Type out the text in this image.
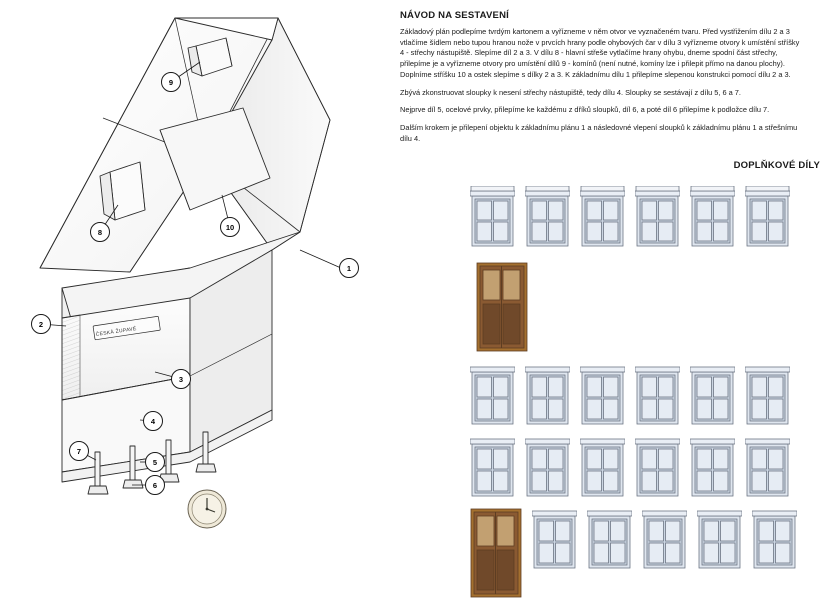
ČESKÁ ŽUPAVÉ
1
2
3
4
5
6
7
8
9
10
NÁVOD NA SESTAVENÍ

Základový plán podlepíme tvrdým kartonem a vyřízneme v něm otvor ve vyznačeném tvaru. Před vystřižením dílu 2 a 3 vtlačíme šídlem nebo tupou hranou nože v prvcích hrany podle ohybových čar v dílu 3 vyřízneme otvory k umístění stříšky 4 - střechy nástupiště. Slepíme díl 2 a 3. V dílu 8 - hlavní střeše vytlačíme hrany ohybu, dneme spodní část střechy, přilepíme je a vyřízneme otvory pro umístění dílů 9 - komínů (není nutné, komíny lze i přilepit přímo na danou plochy). Doplníme stříšku 10 a ostek slepíme s dílky 2 a 3. K základnímu dílu 1 přilepíme slepenou konstrukci pomocí dílu 2 a 3.

Zbývá zkonstruovat sloupky k nesení střechy nástupiště, tedy dílu 4. Sloupky se sestávají z dílu 5, 6 a 7.

Nejprve díl 5, ocelové prvky, přilepíme ke každému z dříků sloupků, díl 6, a poté díl 6 přilepíme k podložce dílu 7.

Dalším krokem je přilepení objektu k základnímu plánu 1 a následovné vlepení sloupků k základnímu plánu 1 a střešnímu dílu 4.

DOPLŇKOVÉ DÍLY
